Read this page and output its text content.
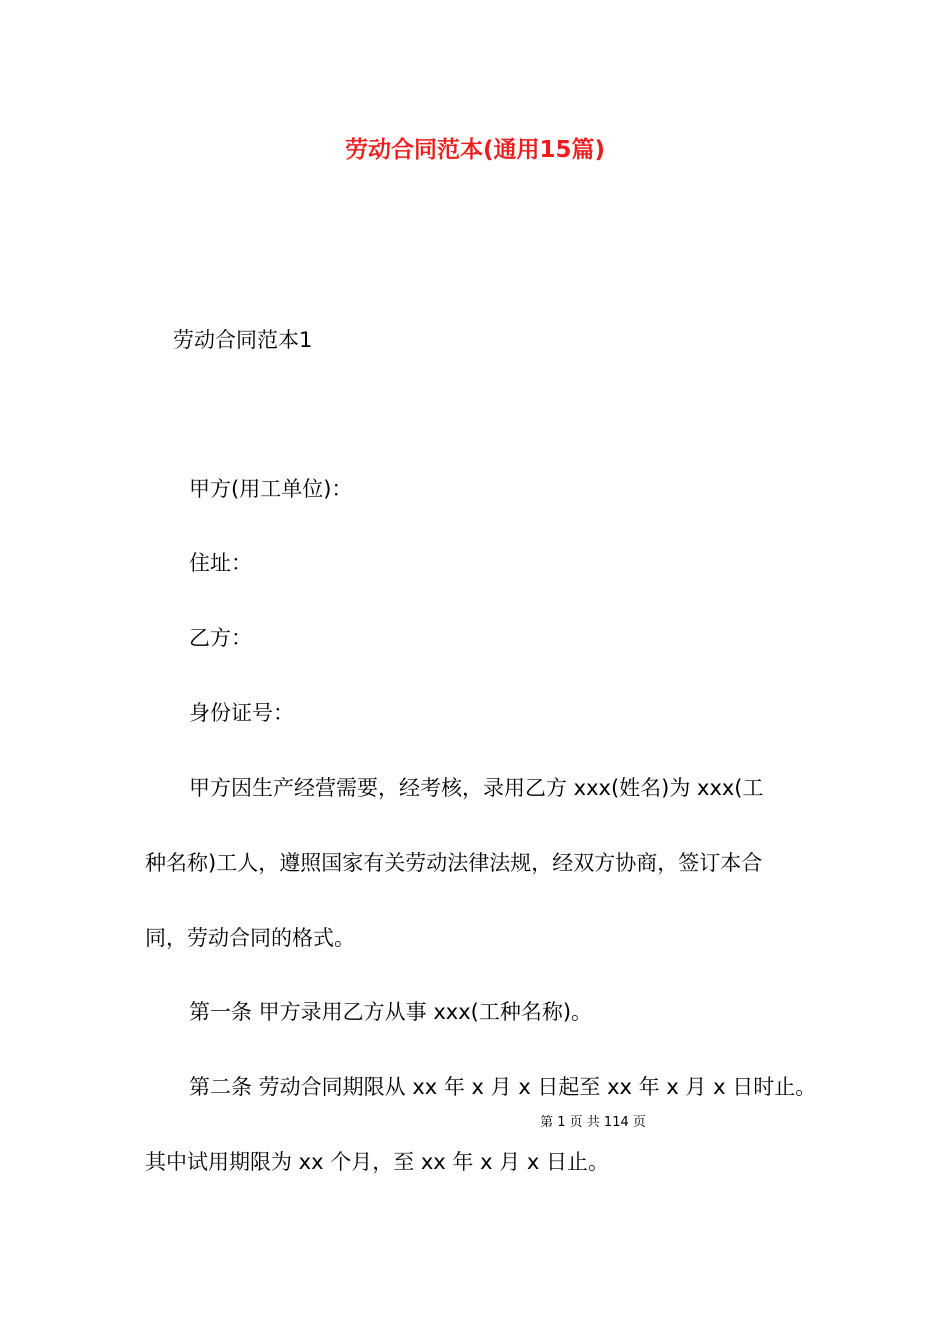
劳动合同范本(通用15篇)
劳动合同范本1
甲方(用工单位)：
住址：
乙方：
身份证号：
甲方因生产经营需要，经考核，录用乙方 xxx(姓名)为 xxx(工
种名称)工人，遵照国家有关劳动法律法规，经双方协商，签订本合
同，劳动合同的格式。
第一条 甲方录用乙方从事 xxx(工种名称)。
第二条 劳动合同期限从 xx 年 x 月 x 日起至 xx 年 x 月 x 日时止。
第 1 页 共 114 页
其中试用期限为 xx 个月，至 xx 年 x 月 x 日止。
